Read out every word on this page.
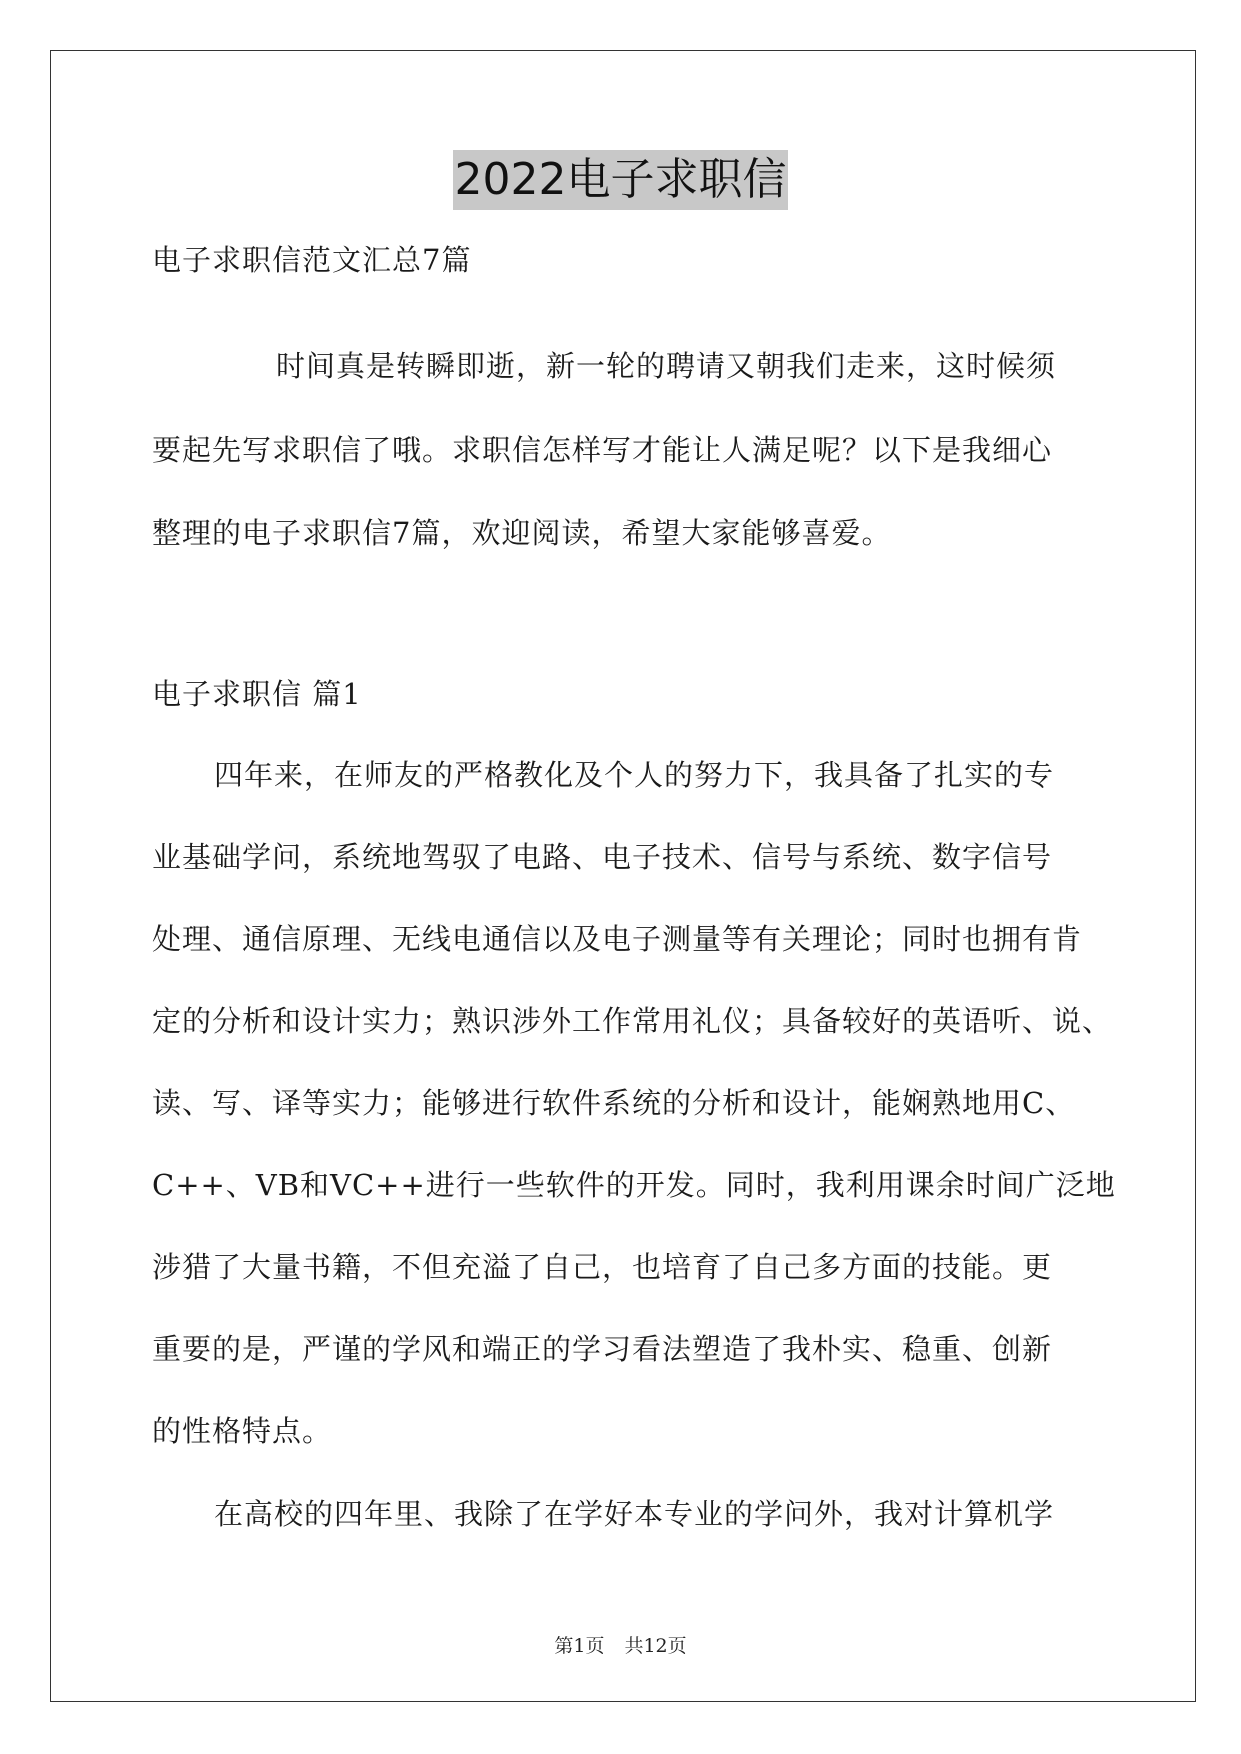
2022电子求职信
电子求职信范文汇总7篇
时间真是转瞬即逝，新一轮的聘请又朝我们走来，这时候须
要起先写求职信了哦。求职信怎样写才能让人满足呢？以下是我细心
整理的电子求职信7篇，欢迎阅读，希望大家能够喜爱。
电子求职信 篇1
四年来，在师友的严格教化及个人的努力下，我具备了扎实的专
业基础学问，系统地驾驭了电路、电子技术、信号与系统、数字信号
处理、通信原理、无线电通信以及电子测量等有关理论；同时也拥有肯
定的分析和设计实力；熟识涉外工作常用礼仪；具备较好的英语听、说、
读、写、译等实力；能够进行软件系统的分析和设计，能娴熟地用C、
C++、VB和VC++进行一些软件的开发。同时，我利用课余时间广泛地
涉猎了大量书籍，不但充溢了自己，也培育了自己多方面的技能。更
重要的是，严谨的学风和端正的学习看法塑造了我朴实、稳重、创新
的性格特点。
在高校的四年里、我除了在学好本专业的学问外，我对计算机学
第1页 共12页
